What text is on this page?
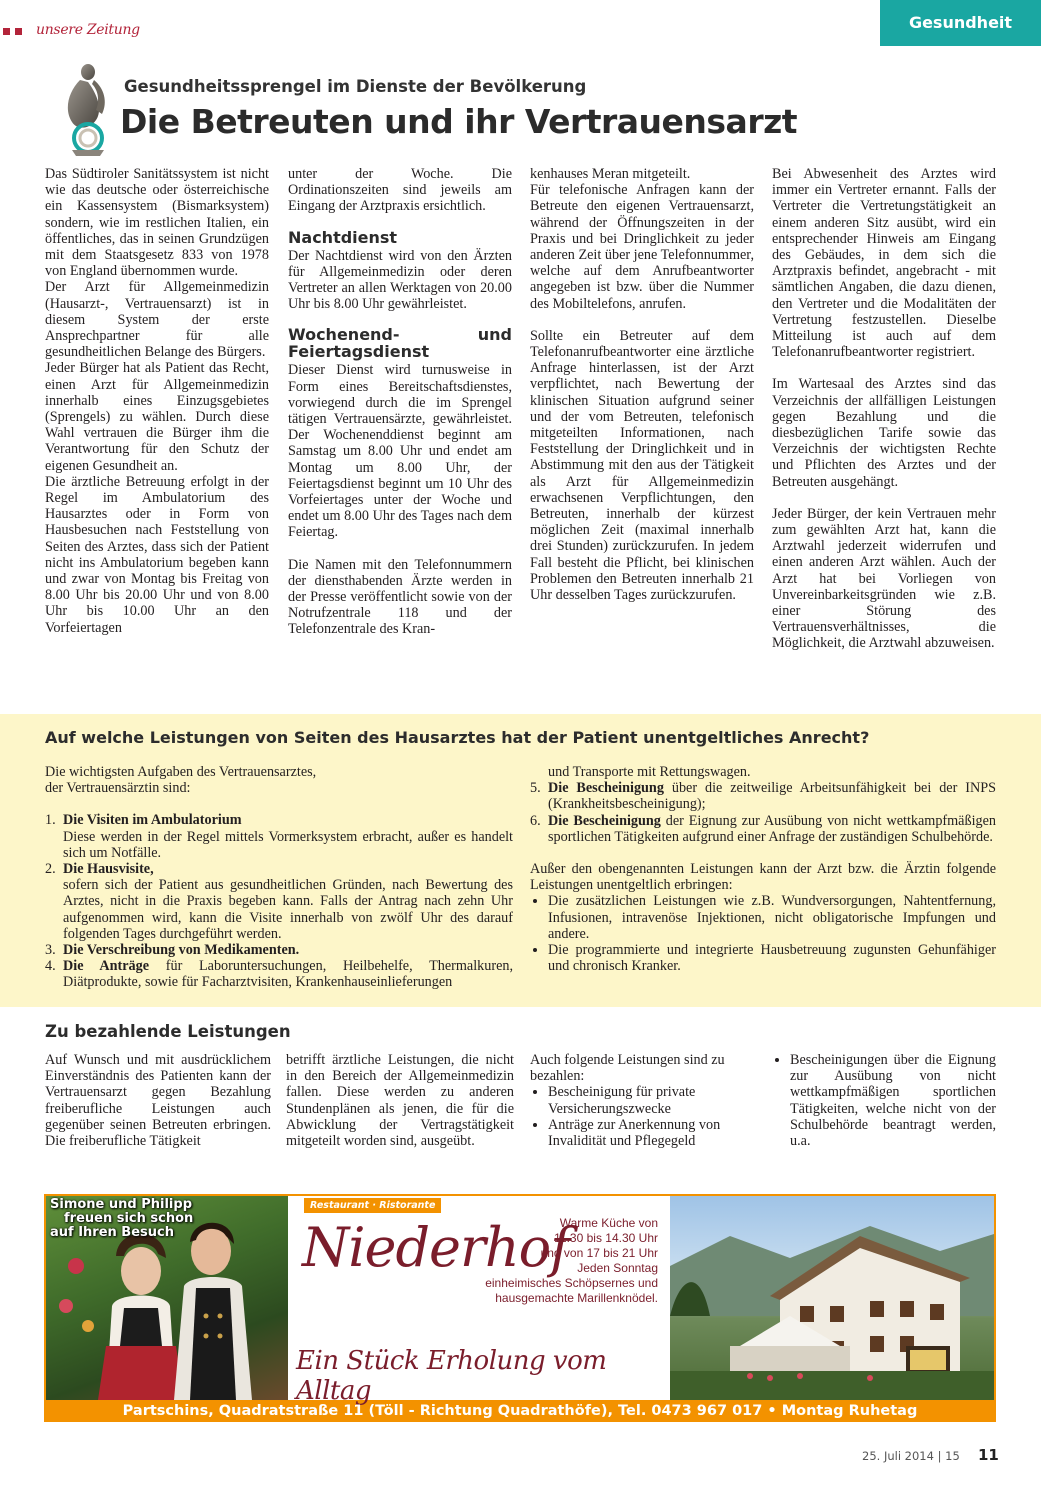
unsere Zeitung	Gesundheit
Gesundheitssprengel im Dienste der Bevölkerung
Die Betreuten und ihr Vertrauensarzt

Das Südtiroler Sanitätssystem ist nicht wie das deutsche oder österreichische ein Kassensystem (Bismarksystem) sondern, wie im restlichen Italien, ein öffentliches, das in seinen Grundzügen mit dem Staatsgesetz 833 von 1978 von England übernommen wurde.

Der Arzt für Allgemeinmedizin (Hausarzt-, Vertrauensarzt) ist in diesem System der erste Ansprechpartner für alle gesundheitlichen Belange des Bürgers.

Jeder Bürger hat als Patient das Recht, einen Arzt für Allgemeinmedizin innerhalb eines Einzugsgebietes (Sprengels) zu wählen. Durch diese Wahl vertrauen die Bürger ihm die Verantwortung für den Schutz der eigenen Gesundheit an.

Die ärztliche Betreuung erfolgt in der Regel im Ambulatorium des Hausarztes oder in Form von Hausbesuchen nach Feststellung von Seiten des Arztes, dass sich der Patient nicht ins Ambulatorium begeben kann und zwar von Montag bis Freitag von 8.00 Uhr bis 20.00 Uhr und von 8.00 Uhr bis 10.00 Uhr an den Vorfeiertagen

unter der Woche. Die Ordinationszeiten sind jeweils am Eingang der Arztpraxis ersichtlich.

Nachtdienst

Der Nachtdienst wird von den Ärzten für Allgemeinmedizin oder deren Vertreter an allen Werktagen von 20.00 Uhr bis 8.00 Uhr gewährleistet.

Wochenend- und Feiertagsdienst

Dieser Dienst wird turnusweise in Form eines Bereitschaftsdienstes, vorwiegend durch die im Sprengel tätigen Vertrauensärzte, gewährleistet. Der Wochenenddienst beginnt am Samstag um 8.00 Uhr und endet am Montag um 8.00 Uhr, der Feiertagsdienst beginnt um 10 Uhr des Vorfeiertages unter der Woche und endet um 8.00 Uhr des Tages nach dem Feiertag.

Die Namen mit den Telefonnummern der diensthabenden Ärzte werden in der Presse veröffentlicht sowie von der Notrufzentrale 118 und der Telefonzentrale des Kran-

kenhauses Meran mitgeteilt.

Für telefonische Anfragen kann der Betreute den eigenen Vertrauensarzt, während der Öffnungszeiten in der Praxis und bei Dringlichkeit zu jeder anderen Zeit über jene Telefonnummer, welche auf dem Anrufbeantworter angegeben ist bzw. über die Nummer des Mobiltelefons, anrufen.

Sollte ein Betreuter auf dem Telefonanrufbeantworter eine ärztliche Anfrage hinterlassen, ist der Arzt verpflichtet, nach Bewertung der klinischen Situation aufgrund seiner und der vom Betreuten, telefonisch mitgeteilten Informationen, nach Feststellung der Dringlichkeit und in Abstimmung mit den aus der Tätigkeit als Arzt für Allgemeinmedizin erwachsenen Verpflichtungen, den Betreuten, innerhalb der kürzest möglichen Zeit (maximal innerhalb drei Stunden) zurückzurufen. In jedem Fall besteht die Pflicht, bei klinischen Problemen den Betreuten innerhalb 21 Uhr desselben Tages zurückzurufen.

Bei Abwesenheit des Arztes wird immer ein Vertreter ernannt. Falls der Vertreter die Vertretungstätigkeit an einem anderen Sitz ausübt, wird ein entsprechender Hinweis am Eingang des Gebäudes, in dem sich die Arztpraxis befindet, angebracht - mit sämtlichen Angaben, die dazu dienen, den Vertreter und die Modalitäten der Vertretung festzustellen. Dieselbe Mitteilung ist auch auf dem Telefonanrufbeantworter registriert.

Im Wartesaal des Arztes sind das Verzeichnis der allfälligen Leistungen gegen Bezahlung und die diesbezüglichen Tarife sowie das Verzeichnis der wichtigsten Rechte und Pflichten des Arztes und der Betreuten ausgehängt.

Jeder Bürger, der kein Vertrauen mehr zum gewählten Arzt hat, kann die Arztwahl jederzeit widerrufen und einen anderen Arzt wählen. Auch der Arzt hat bei Vorliegen von Unvereinbarkeitsgründen wie z.B. einer Störung des Vertrauensverhältnisses, die Möglichkeit, die Arztwahl abzuweisen.

Auf welche Leistungen von Seiten des Hausarztes hat der Patient unentgeltliches Anrecht?

Die wichtigsten Aufgaben des Vertrauensarztes,

der Vertrauensärztin sind:

1. Die Visiten im Ambulatorium
Diese werden in der Regel mittels Vormerksystem erbracht, außer es handelt sich um Notfälle.
2. Die Hausvisite,
sofern sich der Patient aus gesundheitlichen Gründen, nach Bewertung des Arztes, nicht in die Praxis begeben kann. Falls der Antrag nach zehn Uhr aufgenommen wird, kann die Visite innerhalb von zwölf Uhr des darauf folgenden Tages durchgeführt werden.
3. Die Verschreibung von Medikamenten.
4. Die Anträge für Laboruntersuchungen, Heilbehelfe, Thermalkuren, Diätprodukte, sowie für Facharztvisiten, Krankenhauseinlieferungen

und Transporte mit Rettungswagen.

5. Die Bescheinigung über die zeitweilige Arbeitsunfähigkeit bei der INPS (Krankheitsbescheinigung);
6. Die Bescheinigung der Eignung zur Ausübung von nicht wettkampfmäßigen sportlichen Tätigkeiten aufgrund einer Anfrage der zuständigen Schulbehörde.

Außer den obengenannten Leistungen kann der Arzt bzw. die Ärztin folgende Leistungen unentgeltlich erbringen:

• Die zusätzlichen Leistungen wie z.B. Wundversorgungen, Nahtentfernung, Infusionen, intravenöse Injektionen, nicht obligatorische Impfungen und andere.
• Die programmierte und integrierte Hausbetreuung zugunsten Gehunfähiger und chronisch Kranker.
Zu bezahlende Leistungen

Auf Wunsch und mit ausdrücklichem Einverständnis des Patienten kann der Vertrauensarzt gegen Bezahlung freiberufliche Leistungen auch gegenüber seinen Betreuten erbringen. Die freiberufliche Tätigkeit

betrifft ärztliche Leistungen, die nicht in den Bereich der Allgemeinmedizin fallen. Diese werden zu anderen Stundenplänen als jenen, die für die Abwicklung der Vertragstätigkeit mitgeteilt worden sind, ausgeübt.

Auch folgende Leistungen sind zu bezahlen:

• Bescheinigung für private Versicherungszwecke
• Anträge zur Anerkennung von Invalidität und Pflegegeld
• Bescheinigungen über die Eignung zur Ausübung von nicht wettkampfmäßigen sportlichen Tätigkeiten, welche nicht von der Schulbehörde beantragt werden, u.a.
Simone und Philipp
freuen sich schon
auf Ihren Besuch
Restaurant · Ristorante
Niederhof
Warme Küche von
11.30 bis 14.30 Uhr
und von 17 bis 21 Uhr
Jeden Sonntag
einheimisches Schöpsernes und
hausgemachte Marillenknödel.
Ein Stück Erholung vom Alltag
Partschins, Quadratstraße 11 (Töll - Richtung Quadrathöfe), Tel. 0473 967 017 • Montag Ruhetag
25. Juli 2014 | 15 11
